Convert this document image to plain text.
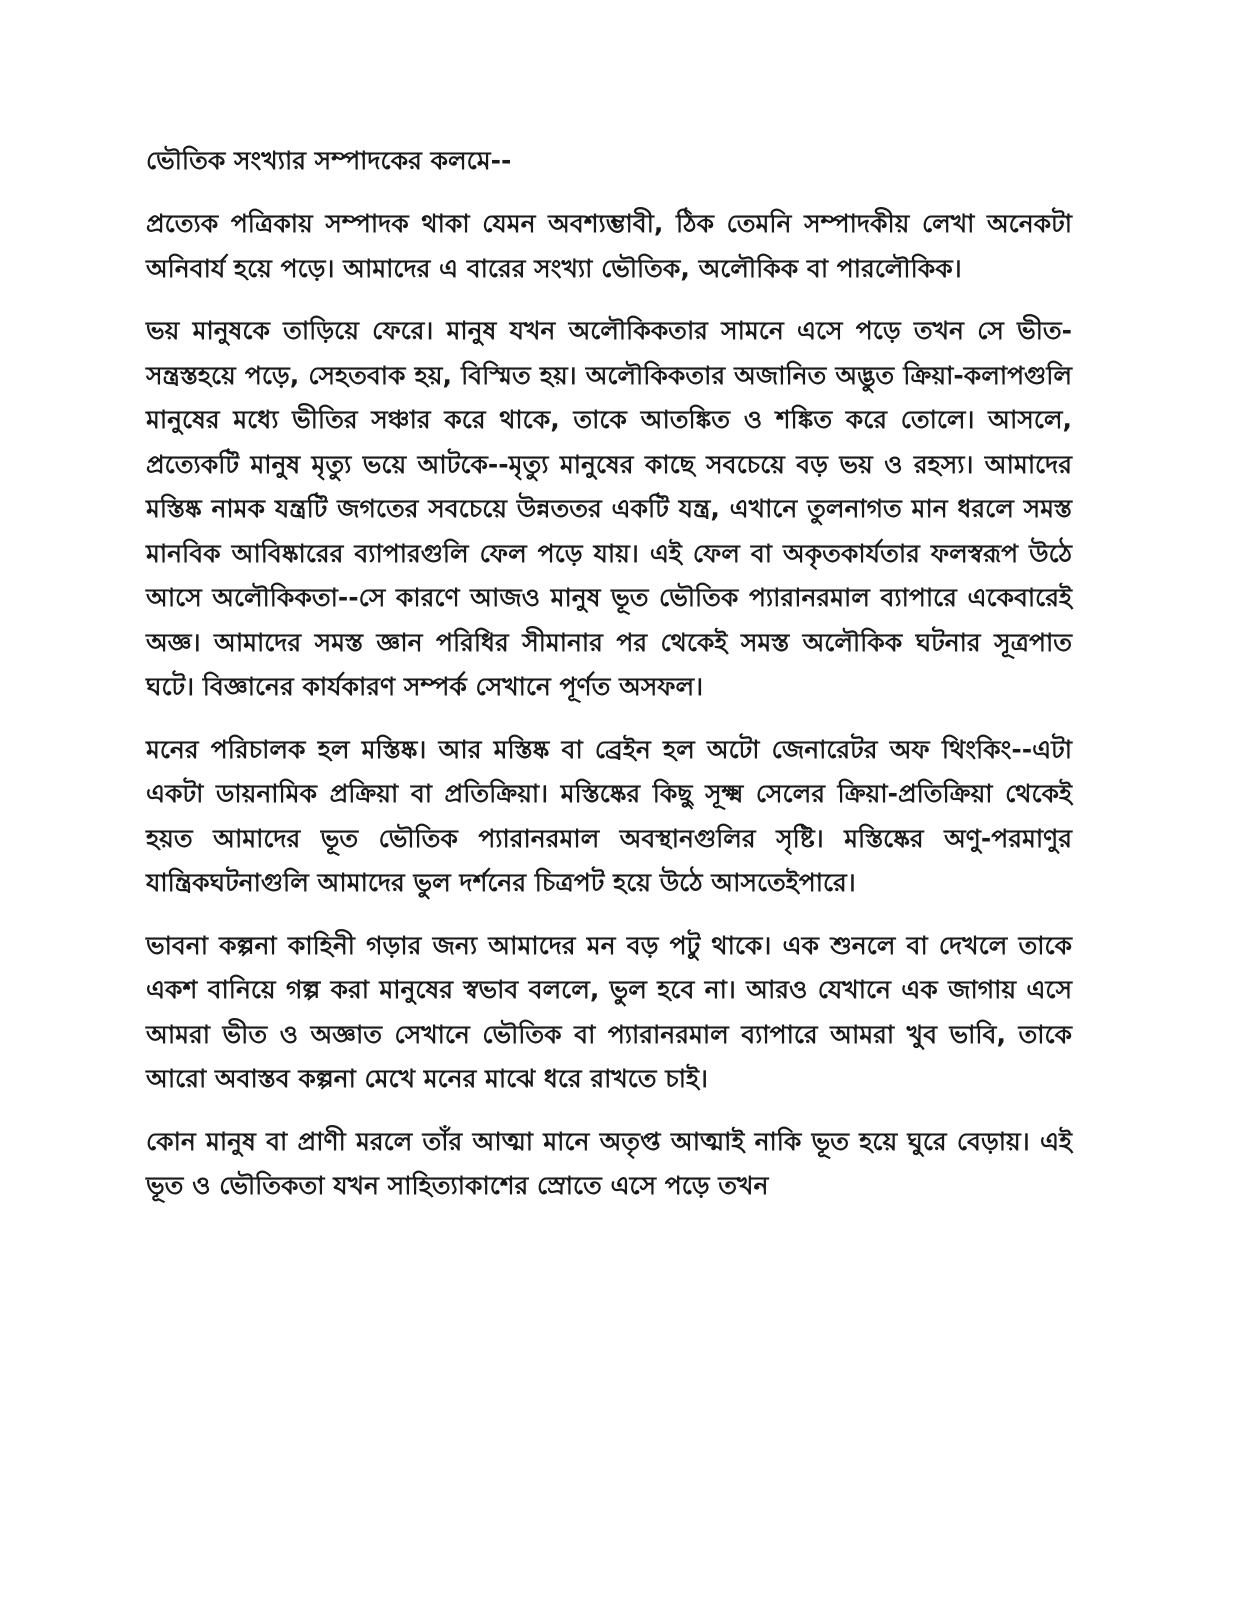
ভৌতিক সংখ্যার সম্পাদকের কলমে--

প্রত্যেক পত্রিকায় সম্পাদক থাকা যেমন অবশ্যম্ভাবী, ঠিক তেমনি সম্পাদকীয় লেখা অনেকটা অনিবার্য হয়ে পড়ে। আমাদের এ বারের সংখ্যা ভৌতিক, অলৌকিক বা পারলৌকিক।

ভয় মানুষকে তাড়িয়ে ফেরে। মানুষ যখন অলৌকিকতার সামনে এসে পড়ে তখন সে ভীত-সন্ত্রস্তহয়ে পড়ে, সেহতবাক হয়, বিস্মিত হয়। অলৌকিকতার অজানিত অদ্ভুত ক্রিয়া-কলাপগুলি মানুষের মধ্যে ভীতির সঞ্চার করে থাকে, তাকে আতঙ্কিত ও শঙ্কিত করে তোলে। আসলে, প্রত্যেকটি মানুষ মৃত্যু ভয়ে আটকে--মৃত্যু মানুষের কাছে সবচেয়ে বড় ভয় ও রহস্য। আমাদের মস্তিষ্ক নামক যন্ত্রটি জগতের সবচেয়ে উন্নততর একটি যন্ত্র, এখানে তুলনাগত মান ধরলে সমস্ত মানবিক আবিষ্কারের ব্যাপারগুলি ফেল পড়ে যায়। এই ফেল বা অকৃতকার্যতার ফলস্বরূপ উঠে আসে অলৌকিকতা--সে কারণে আজও মানুষ ভূত ভৌতিক প্যারানরমাল ব্যাপারে একেবারেই অজ্ঞ। আমাদের সমস্ত জ্ঞান পরিধির সীমানার পর থেকেই সমস্ত অলৌকিক ঘটনার সূত্রপাত ঘটে। বিজ্ঞানের কার্যকারণ সম্পর্ক সেখানে পূর্ণত অসফল।

মনের পরিচালক হল মস্তিষ্ক। আর মস্তিষ্ক বা ব্রেইন হল অটো জেনারেটর অফ থিংকিং--এটা একটা ডায়নামিক প্রক্রিয়া বা প্রতিক্রিয়া। মস্তিষ্কের কিছু সূক্ষ্ম সেলের ক্রিয়া-প্রতিক্রিয়া থেকেই হয়ত আমাদের ভূত ভৌতিক প্যারানরমাল অবস্থানগুলির সৃষ্টি। মস্তিষ্কের অণু-পরমাণুর যান্ত্রিকঘটনাগুলি আমাদের ভুল দর্শনের চিত্রপট হয়ে উঠে আসতেইপারে।

ভাবনা কল্পনা কাহিনী গড়ার জন্য আমাদের মন বড় পটু থাকে। এক শুনলে বা দেখলে তাকে একশ বানিয়ে গল্প করা মানুষের স্বভাব বললে, ভুল হবে না। আরও যেখানে এক জাগায় এসে আমরা ভীত ও অজ্ঞাত সেখানে ভৌতিক বা প্যারানরমাল ব্যাপারে আমরা খুব ভাবি, তাকে আরো অবাস্তব কল্পনা মেখে মনের মাঝে ধরে রাখতে চাই।

কোন মানুষ বা প্রাণী মরলে তাঁর আত্মা মানে অতৃপ্ত আত্মাই নাকি ভূত হয়ে ঘুরে বেড়ায়। এই ভূত ও ভৌতিকতা যখন সাহিত্যাকাশের স্রোতে এসে পড়ে তখন
